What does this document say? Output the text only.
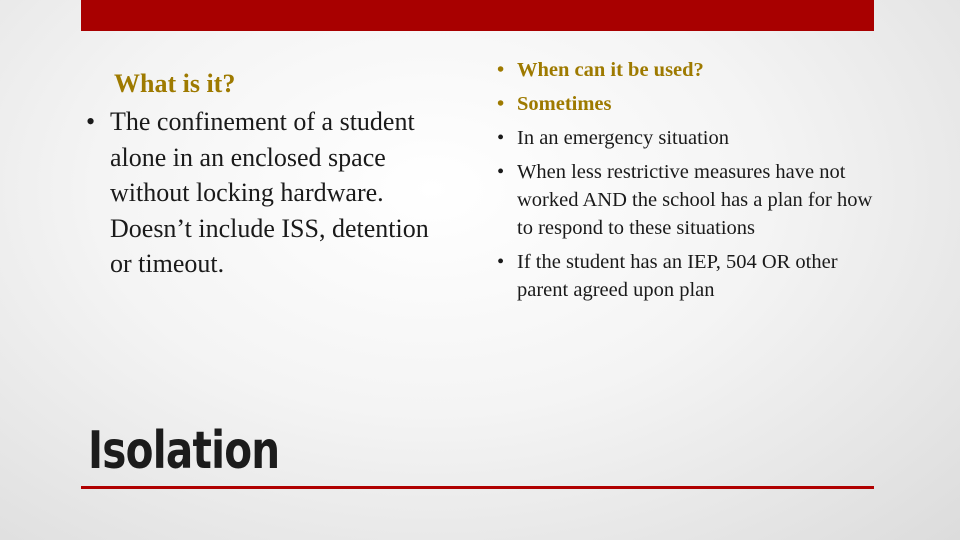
What is it?
• The confinement of a student alone in an enclosed space without locking hardware. Doesn’t include ISS, detention or timeout.
• When can it be used?
• Sometimes
• In an emergency situation
• When less restrictive measures have not worked AND the school has a plan for how to respond to these situations
• If the student has an IEP, 504 OR other parent agreed upon plan
Isolation
